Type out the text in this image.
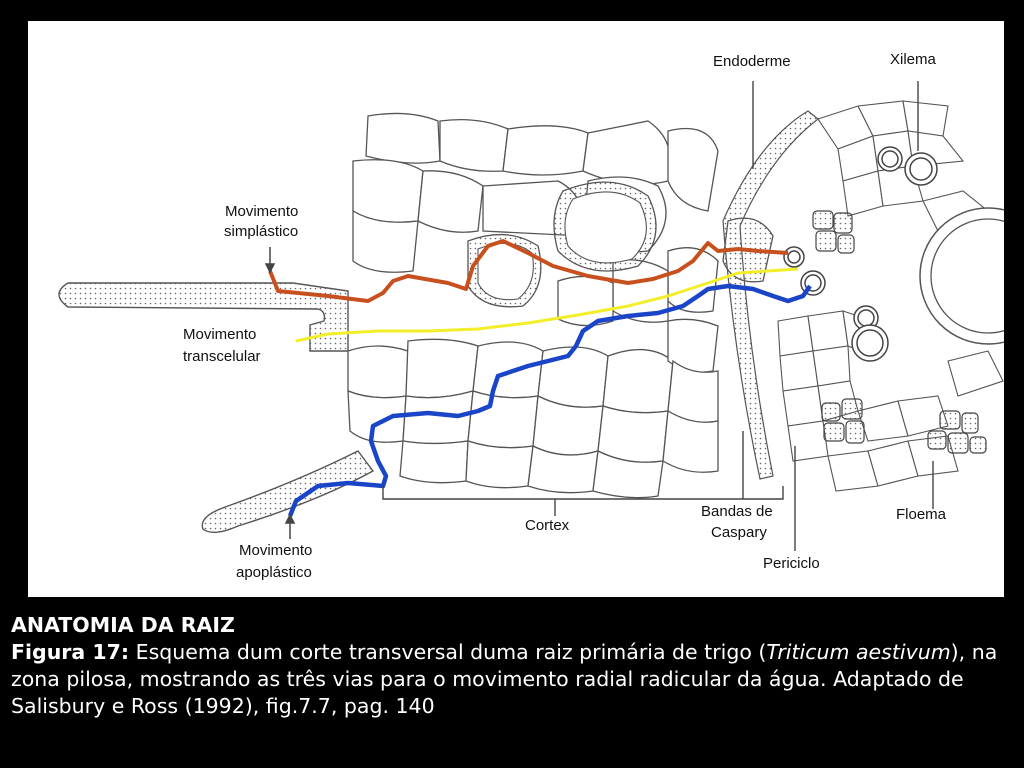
Endoderme	Xilema
Movimento
simplástico
Movimento
transcelular
Cortex
Bandas de
Caspary
Floema
Periciclo
Movimento
apoplástico
ANATOMIA DA RAIZ
Figura 17: Esquema dum corte transversal duma raiz primária de trigo (Triticum aestivum), na zona pilosa, mostrando as três vias para o movimento radial radicular da água. Adaptado de Salisbury e Ross (1992), fig.7.7, pag. 140
